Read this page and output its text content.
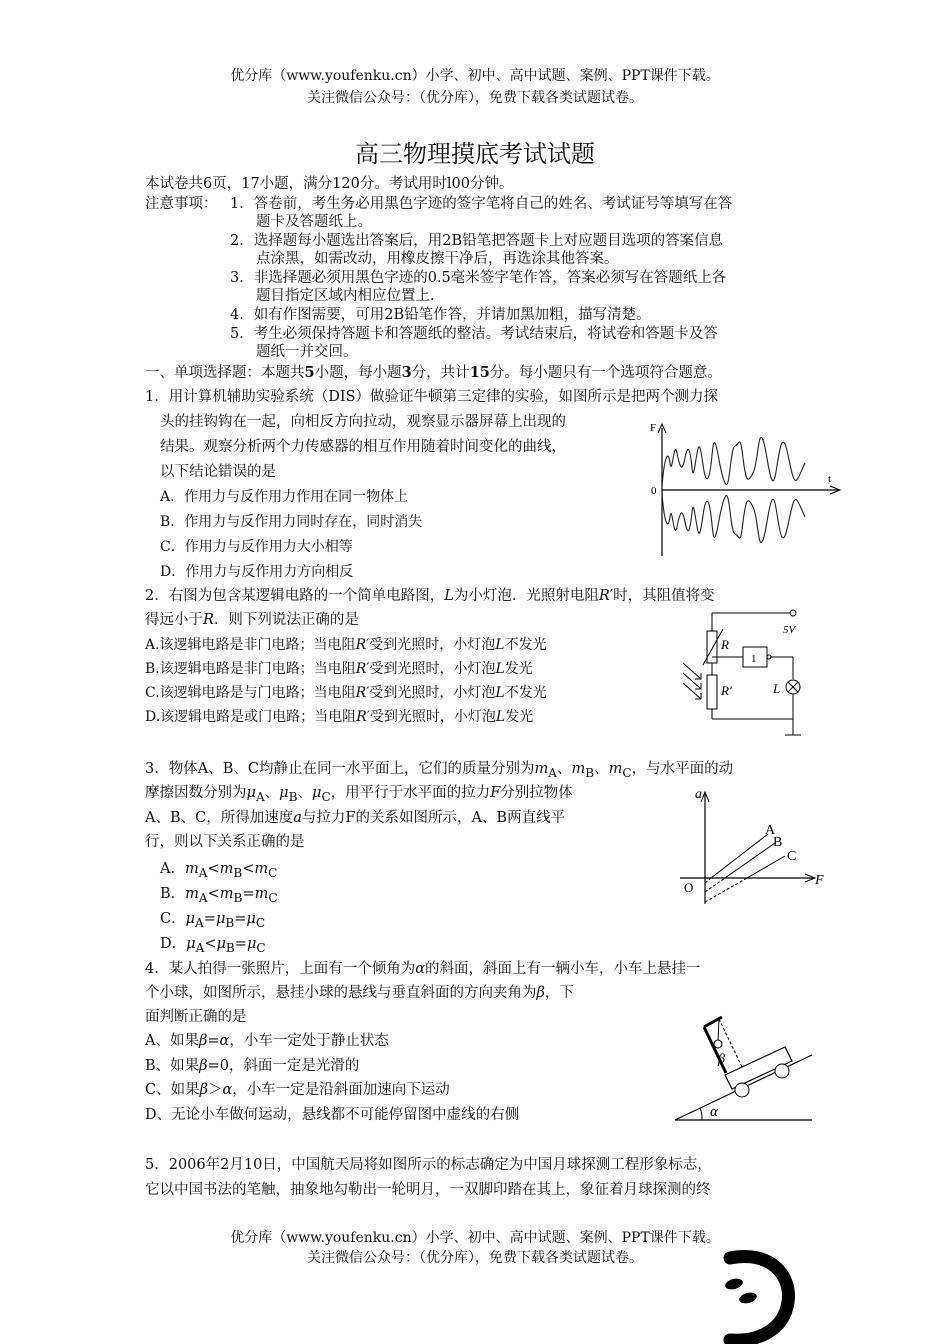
优分库（www.youfenku.cn）小学、初中、高中试题、案例、PPT课件下载。
关注微信公众号：（优分库），免费下载各类试题试卷。
高三物理摸底考试试题
本试卷共6页，17小题，满分120分。考试用时l00分钟。
注意事项： 1．答卷前，考生务必用黑色字迹的签字笔将自己的姓名、考试证号等填写在答
题卡及答题纸上。
2．选择题每小题选出答案后，用2B铅笔把答题卡上对应题目选项的答案信息
点涂黑，如需改动，用橡皮擦干净后，再选涂其他答案。
3．非选择题必须用黑色字迹的0.5毫米签字笔作答，答案必须写在答题纸上各
题目指定区域内相应位置上.
4．如有作图需要，可用2B铅笔作答，并请加黑加粗，描写清楚。
5．考生必须保持答题卡和答题纸的整洁。考试结束后，将试卷和答题卡及答
题纸一并交回。
一、单项选择题：本题共5小题，每小题3分，共计15分。每小题只有一个选项符合题意。
1．用计算机辅助实验系统（DIS）做验证牛顿第三定律的实验，如图所示是把两个测力探
头的挂钩钩在一起，向相反方向拉动，观察显示器屏幕上出现的
结果。观察分析两个力传感器的相互作用随着时间变化的曲线，
以下结论错误的是
A．作用力与反作用力作用在同一物体上
B．作用力与反作用力同时存在，同时消失
C．作用力与反作用力大小相等
D．作用力与反作用力方向相反
F
t
0
2．右图为包含某逻辑电路的一个简单电路图，L为小灯泡．光照射电阻R′时，其阻值将变
得远小于R．则下列说法正确的是
A.该逻辑电路是非门电路；当电阻R′受到光照时，小灯泡L不发光
B.该逻辑电路是非门电路；当电阻R′受到光照时，小灯泡L发光
C.该逻辑电路是与门电路；当电阻R′受到光照时，小灯泡L不发光
D.该逻辑电路是或门电路；当电阻R′受到光照时，小灯泡L发光
5V
R
1
L
R′
3．物体A、B、C均静止在同一水平面上，它们的质量分别为$m_A$、$m_B$、$m_C$，与水平面的动
摩擦因数分别为$\mu_A$、$\mu_B$、$\mu_C$，用平行于水平面的拉力F分别拉物体
A、B、C，所得加速度a与拉力F的关系如图所示，A、B两直线平
行，则以下关系正确的是
A．$m_A<m_B<m_C$
B．$m_A<m_B=m_C$
C．$\mu_A=\mu_B=\mu_C$
D．$\mu_A<\mu_B=\mu_C$
a
F
O
A
B
C
4．某人拍得一张照片，上面有一个倾角为α的斜面，斜面上有一辆小车，小车上悬挂一
个小球，如图所示，悬挂小球的悬线与垂直斜面的方向夹角为β，下
面判断正确的是
A、如果β=α，小车一定处于静止状态
B、如果β=0，斜面一定是光滑的
C、如果β＞α，小车一定是沿斜面加速向下运动
D、无论小车做何运动，悬线都不可能停留图中虚线的右侧	α
β
5．2006年2月10日，中国航天局将如图所示的标志确定为中国月球探测工程形象标志，
它以中国书法的笔触，抽象地勾勒出一轮明月，一双脚印踏在其上，象征着月球探测的终
优分库（www.youfenku.cn）小学、初中、高中试题、案例、PPT课件下载。
关注微信公众号：（优分库），免费下载各类试题试卷。
